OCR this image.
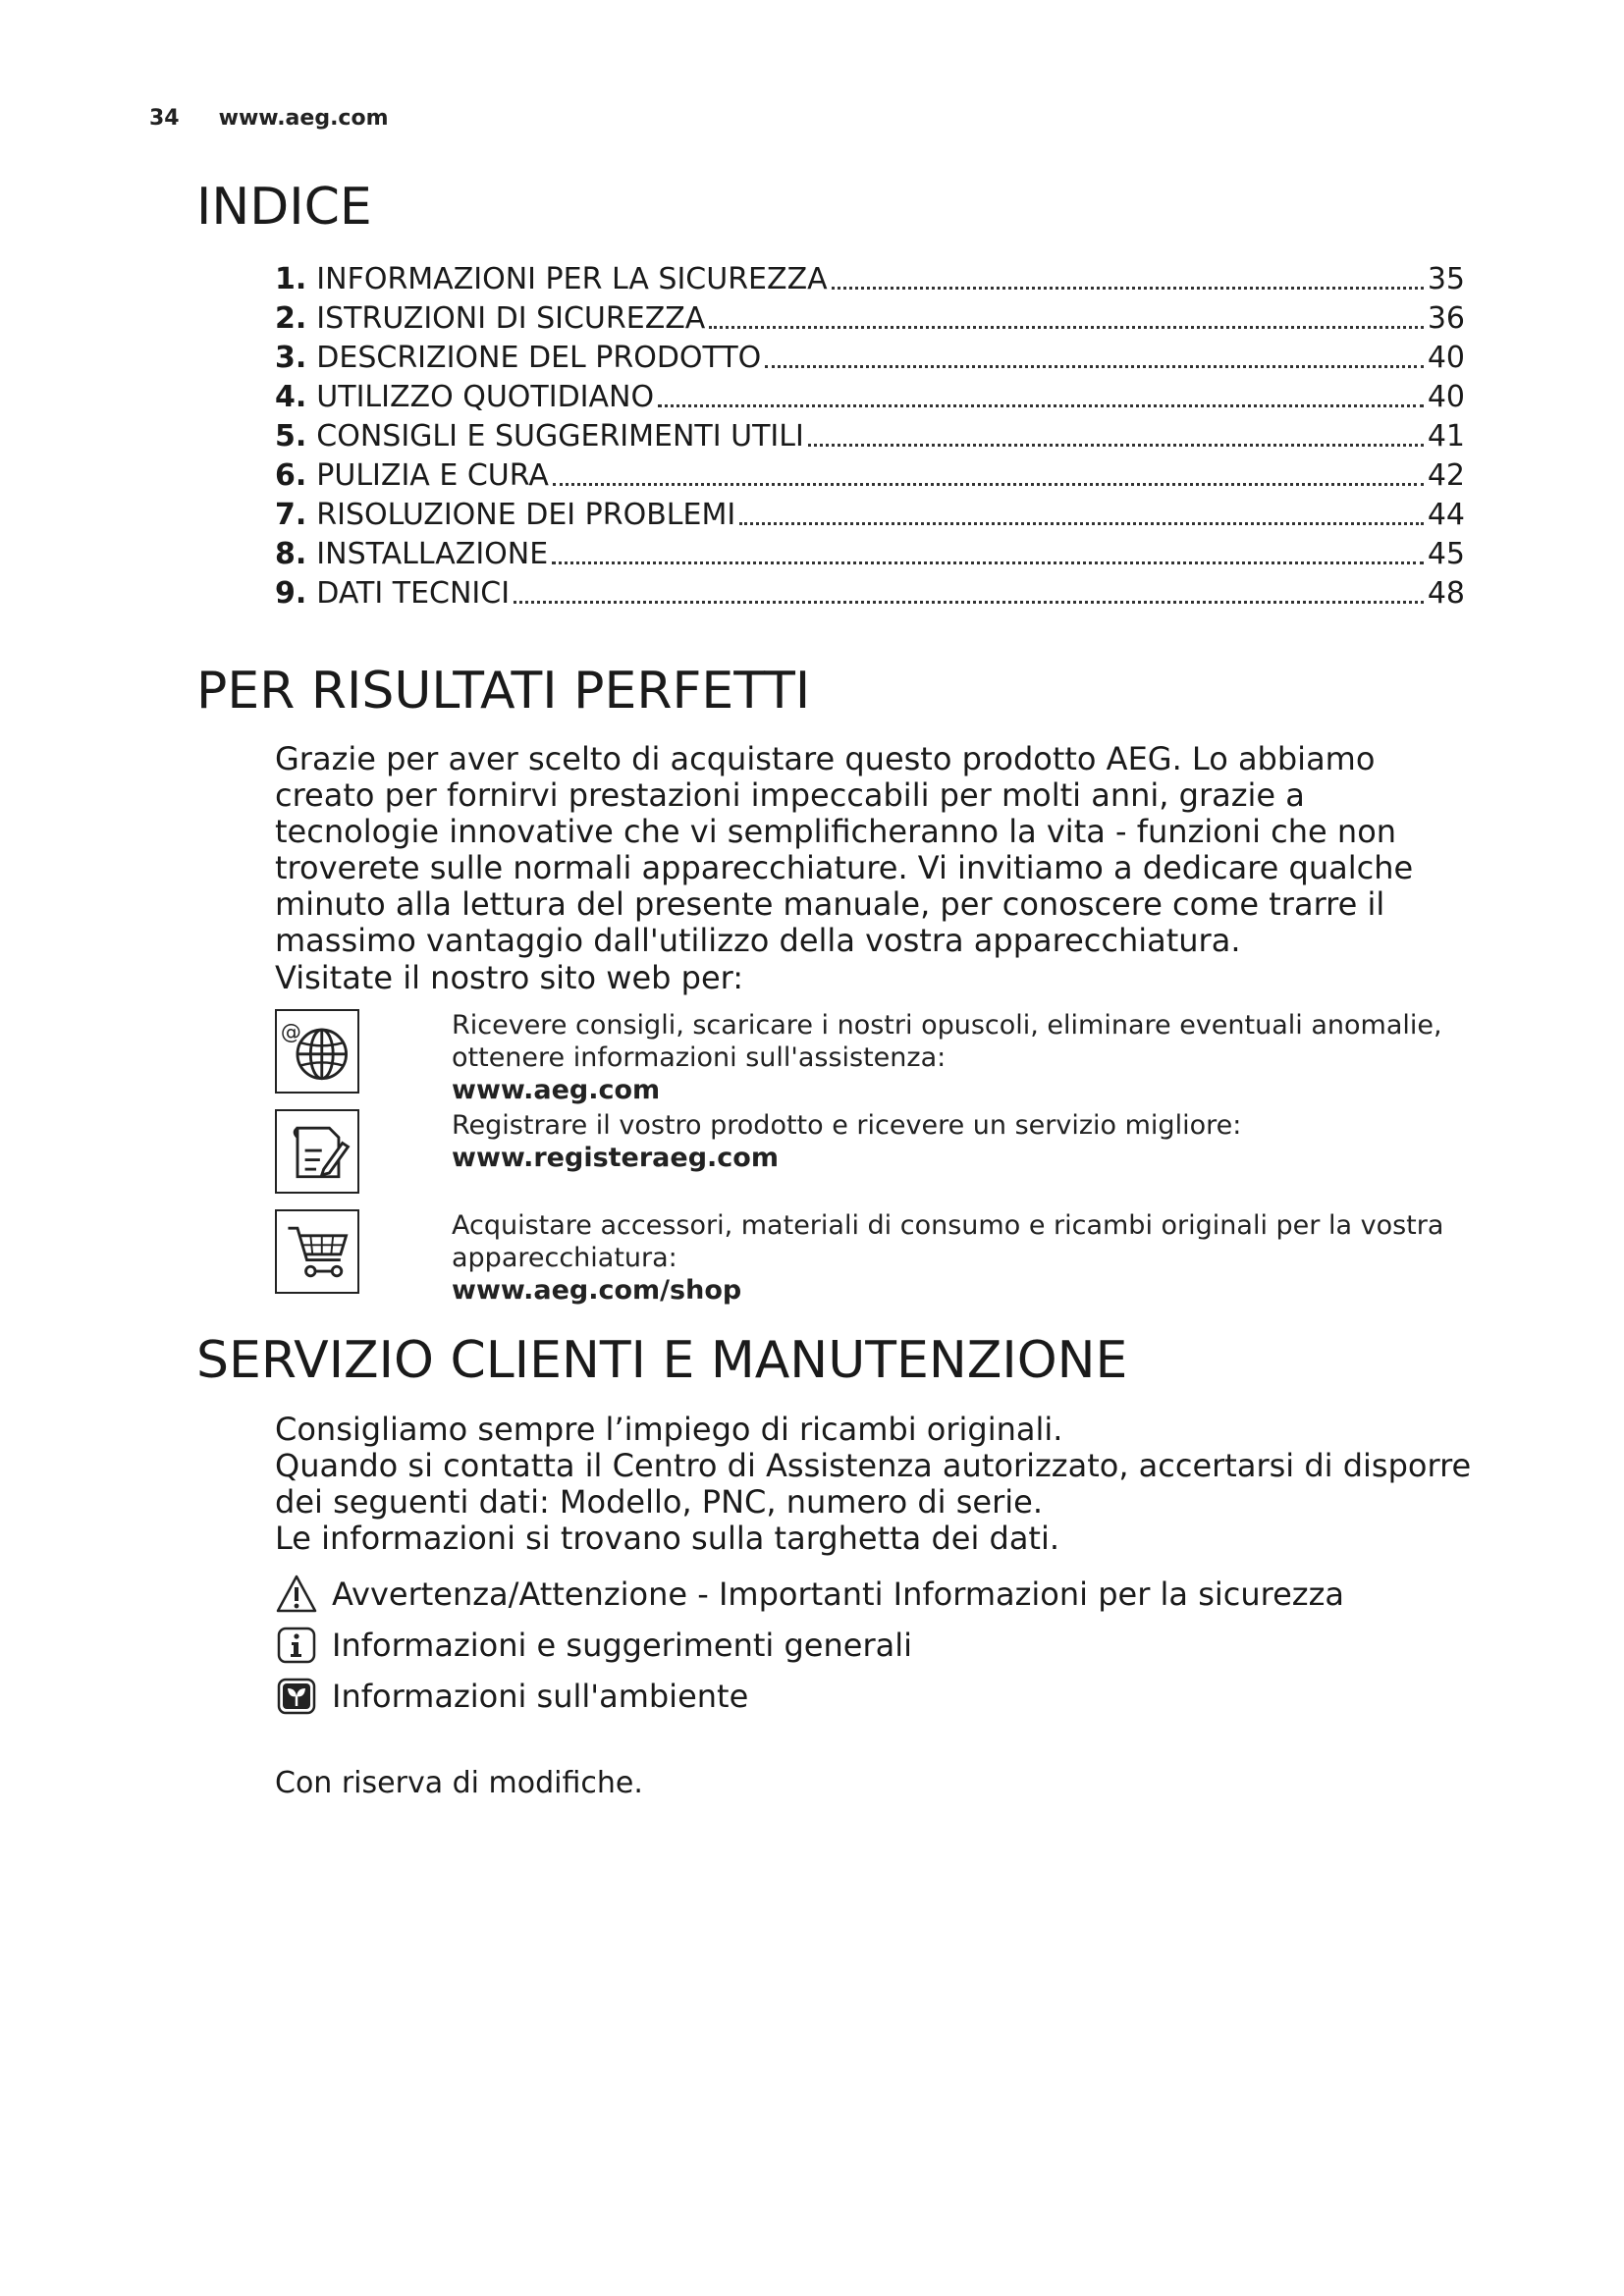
34 www.aeg.com
INDICE
1. INFORMAZIONI PER LA SICUREZZA	35
2. ISTRUZIONI DI SICUREZZA	36
3. DESCRIZIONE DEL PRODOTTO	40
4. UTILIZZO QUOTIDIANO	40
5. CONSIGLI E SUGGERIMENTI UTILI	41
6. PULIZIA E CURA	42
7. RISOLUZIONE DEI PROBLEMI	44
8. INSTALLAZIONE	45
9. DATI TECNICI	48
PER RISULTATI PERFETTI
Grazie per aver scelto di acquistare questo prodotto AEG. Lo abbiamo creato per fornirvi prestazioni impeccabili per molti anni, grazie a tecnologie innovative che vi semplificheranno la vita - funzioni che non troverete sulle normali apparecchiature. Vi invitiamo a dedicare qualche minuto alla lettura del presente manuale, per conoscere come trarre il massimo vantaggio dall'utilizzo della vostra apparecchiatura.
Visitate il nostro sito web per:
@	Ricevere consigli, scaricare i nostri opuscoli, eliminare eventuali anomalie, ottenere informazioni sull'assistenza:
www.aeg.com
Registrare il vostro prodotto e ricevere un servizio migliore:
www.registeraeg.com
Acquistare accessori, materiali di consumo e ricambi originali per la vostra apparecchiatura:
www.aeg.com/shop
SERVIZIO CLIENTI E MANUTENZIONE
Consigliamo sempre l’impiego di ricambi originali.
Quando si contatta il Centro di Assistenza autorizzato, accertarsi di disporre dei seguenti dati: Modello, PNC, numero di serie.
Le informazioni si trovano sulla targhetta dei dati.
Avvertenza/Attenzione - Importanti Informazioni per la sicurezza
Informazioni e suggerimenti generali
Informazioni sull'ambiente
Con riserva di modifiche.
